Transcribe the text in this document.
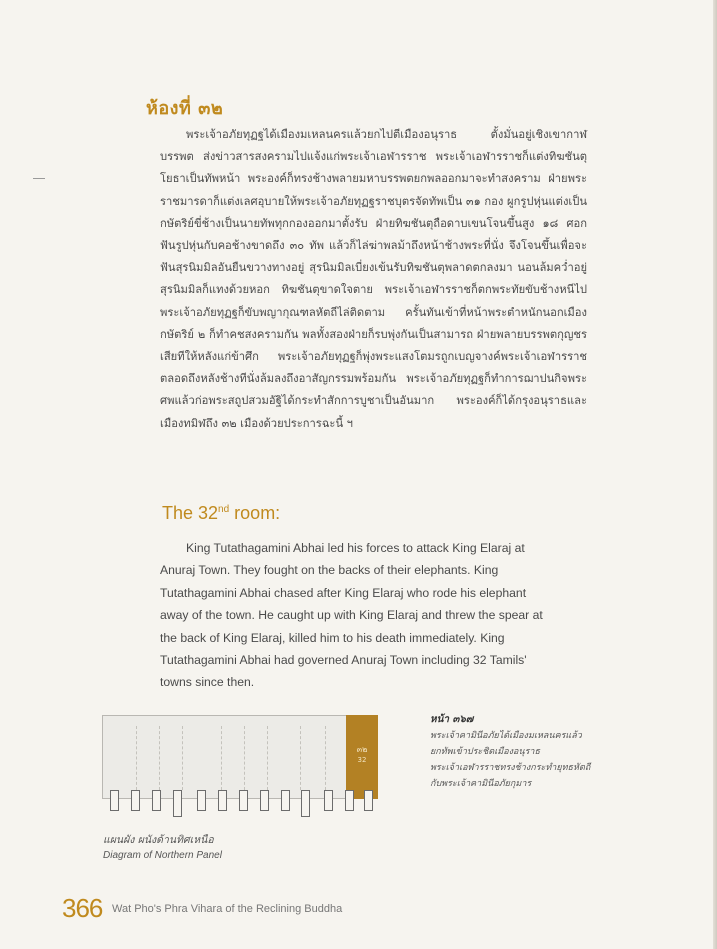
ห้องที่ ๓๒

พระเจ้าอภัยทุฏฐได้เมืองมเหลนครแล้วยกไปตีเมืองอนุราธ ตั้งมั่นอยู่เชิงเขากาฬบรรพต ส่งข่าวสารสงครามไปแจ้งแก่พระเจ้าเอฬารราช พระเจ้าเอฬารราชก็แต่งทิฆชันตุโยธาเป็นทัพหน้า พระองค์ก็ทรงช้างพลายมหาบรรพตยกพลออกมาจะทำสงคราม ฝ่ายพระราชมารดาก็แต่งเลศอุบายให้พระเจ้าอภัยทุฏฐราชบุตรจัดทัพเป็น ๓๑ กอง ผูกรูปหุ่นแต่งเป็นกษัตริย์ขี่ช้างเป็นนายทัพทุกกองออกมาตั้งรับ ฝ่ายทิฆชันตุถือดาบเขนโจนขึ้นสูง ๑๘ ศอก ฟันรูปหุ่นกับคอช้างขาดถึง ๓๐ ทัพ แล้วก็ไล่ฆ่าพลม้าถึงหน้าช้างพระที่นั่ง จึงโจนขึ้นเพื่อจะฟันสุรนิมมิลอันยืนขวางทางอยู่ สุรนิมมิลเบี่ยงเข้นรับทิฆชันตุพลาดตกลงมา นอนล้มคว่ำอยู่สุรนิมมิลก็แทงด้วยหอก ทิฆชันตุขาดใจตาย พระเจ้าเอฬารราชก็ตกพระทัยขับช้างหนีไป พระเจ้าอภัยทุฏฐก็ขับพญากุณฑลหัตถีไล่ติดตาม ครั้นทันเข้าที่หน้าพระตำหนักนอกเมือง กษัตริย์ ๒ ก็ทำคชสงครามกัน พลทั้งสองฝ่ายก็รบพุ่งกันเป็นสามารถ ฝ่ายพลายบรรพตกุญชรเสียทีให้หลังแก่ข้าศึก พระเจ้าอภัยทุฏฐก็พุ่งพระแสงโตมรถูกเบญจางค์พระเจ้าเอฬารราชตลอดถึงหลังช้างทีนั่งล้มลงถึงอาสัญกรรมพร้อมกัน พระเจ้าอภัยทุฏฐก็ทำการฌาปนกิจพระศพแล้วก่อพระสถูปสวมอัฐิได้กระทำสักการบูชาเป็นอันมาก พระองค์ก็ได้กรุงอนุราธและเมืองทมิฬถึง ๓๒ เมืองด้วยประการฉะนี้ ฯ

The 32nd room:

King Tutathagamini Abhai led his forces to attack King Elaraj at Anuraj Town. They fought on the backs of their elephants. King Tutathagamini Abhai chased after King Elaraj who rode his elephant away of the town. He caught up with King Elaraj and threw the spear at the back of King Elaraj, killed him to his death immediately. King Tutathagamini Abhai had governed Anuraj Town including 32 Tamils' towns since then.

๓๒
32

แผนผัง ผนังด้านทิศเหนือ

Diagram of Northern Panel

หน้า ๓๖๗
พระเจ้าคามินีอภัยได้เมืองมเหลนครแล้ว
ยกทัพเข้าประชิดเมืองอนุราธ
พระเจ้าเอฬารราชทรงช้างกระทำยุทธหัตถี
กับพระเจ้าคามินีอภัยกุมาร
366 Wat Pho's Phra Vihara of the Reclining Buddha
